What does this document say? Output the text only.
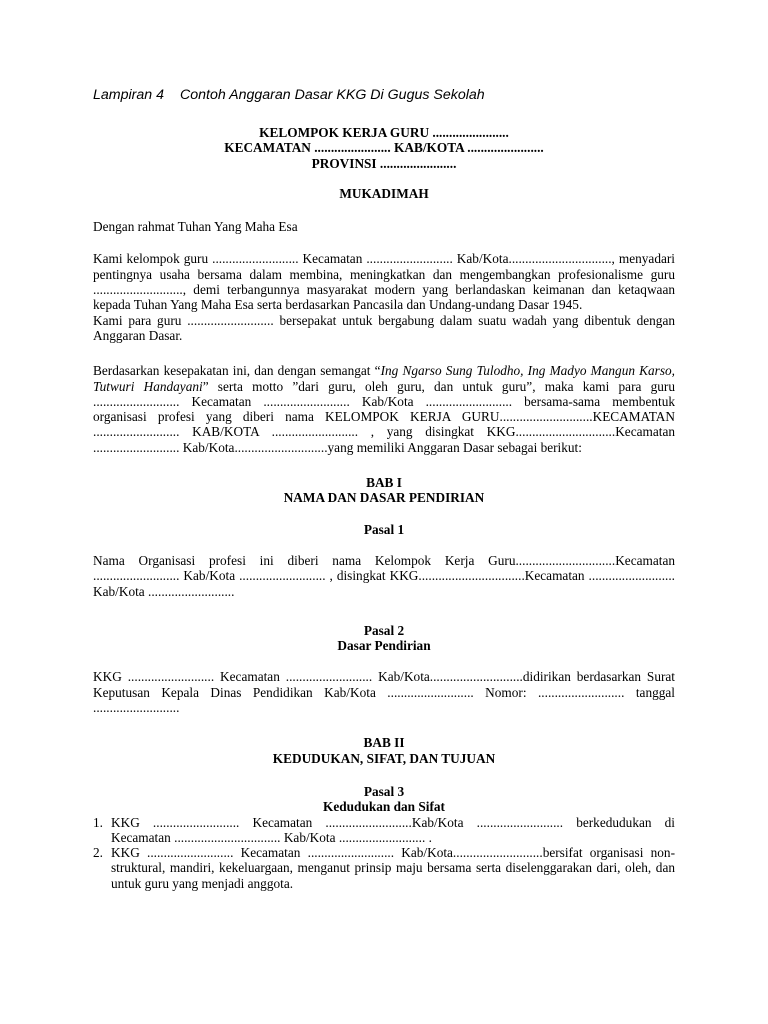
Lampiran 4 Contoh Anggaran Dasar KKG Di Gugus Sekolah

KELOMPOK KERJA GURU .......................

KECAMATAN ....................... KAB/KOTA .......................

PROVINSI .......................

MUKADIMAH

Dengan rahmat Tuhan Yang Maha Esa

Kami kelompok guru .......................... Kecamatan .......................... Kab/Kota..............................., menyadari pentingnya usaha bersama dalam membina, meningkatkan dan mengembangkan profesionalisme guru ..........................., demi terbangunnya masyarakat modern yang berlandaskan keimanan dan ketaqwaan kepada Tuhan Yang Maha Esa serta berdasarkan Pancasila dan Undang-undang Dasar 1945.

Kami para guru .......................... bersepakat untuk bergabung dalam suatu wadah yang dibentuk dengan Anggaran Dasar.

Berdasarkan kesepakatan ini, dan dengan semangat “Ing Ngarso Sung Tulodho, Ing Madyo Mangun Karso, Tutwuri Handayani” serta motto ”dari guru, oleh guru, dan untuk guru”, maka kami para guru .......................... Kecamatan .......................... Kab/Kota .......................... bersama-sama membentuk organisasi profesi yang diberi nama KELOMPOK KERJA GURU............................KECAMATAN .......................... KAB/KOTA .......................... , yang disingkat KKG..............................Kecamatan .......................... Kab/Kota............................yang memiliki Anggaran Dasar sebagai berikut:

BAB I

NAMA DAN DASAR PENDIRIAN

Pasal 1

Nama Organisasi profesi ini diberi nama Kelompok Kerja Guru..............................Kecamatan .......................... Kab/Kota .......................... , disingkat KKG................................Kecamatan .......................... Kab/Kota ..........................

Pasal 2

Dasar Pendirian

KKG .......................... Kecamatan .......................... Kab/Kota............................didirikan berdasarkan Surat Keputusan Kepala Dinas Pendidikan Kab/Kota .......................... Nomor: .......................... tanggal ..........................

BAB II

KEDUDUKAN, SIFAT, DAN TUJUAN

Pasal 3

Kedudukan dan Sifat

1. KKG .......................... Kecamatan ..........................Kab/Kota .......................... berkedudukan di Kecamatan ................................ Kab/Kota .......................... .
2. KKG .......................... Kecamatan .......................... Kab/Kota...........................bersifat organisasi non-struktural, mandiri, kekeluargaan, menganut prinsip maju bersama serta diselenggarakan dari, oleh, dan untuk guru yang menjadi anggota.
